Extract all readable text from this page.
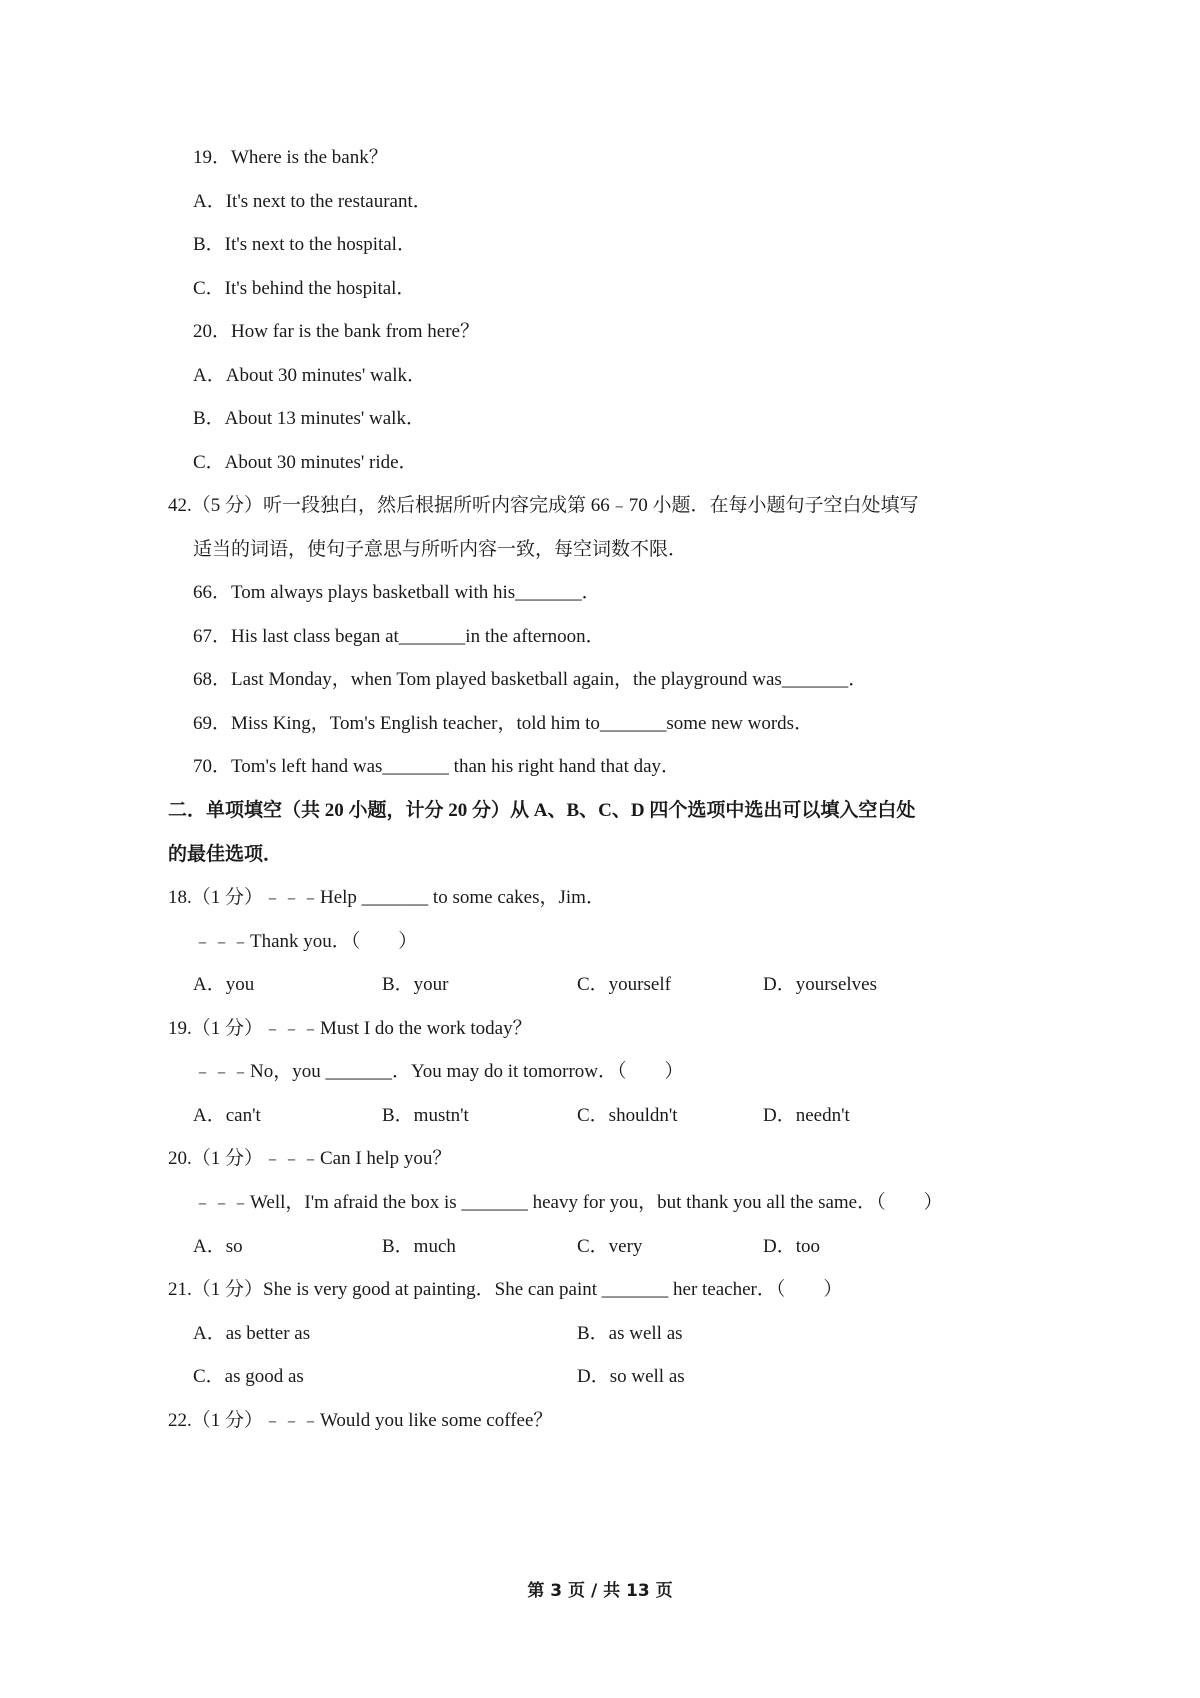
19．Where is the bank？
A．It's next to the restaurant．
B．It's next to the hospital．
C．It's behind the hospital．
20．How far is the bank from here？
A．About 30 minutes' walk．
B．About 13 minutes' walk．
C．About 30 minutes' ride．
42.（5 分）听一段独白，然后根据所听内容完成第 66﹣70 小题．在每小题句子空白处填写
适当的词语，使句子意思与所听内容一致，每空词数不限．
66．Tom always plays basketball with his_______．
67．His last class began at_______in the afternoon．
68．Last Monday，when Tom played basketball again，the playground was_______．
69．Miss King，Tom's English teacher，told him to_______some new words．
70．Tom's left hand was_______ than his right hand that day．
二．单项填空（共 20 小题，计分 20 分）从 A、B、C、D 四个选项中选出可以填入空白处
的最佳选项．
18.（1 分）﹣﹣﹣Help _______ to some cakes，Jim．
﹣﹣﹣Thank you．（　　）
A．you	B．your	C．yourself	D．yourselves
19.（1 分）﹣﹣﹣Must I do the work today？
﹣﹣﹣No，you _______．You may do it tomorrow．（　　）
A．can't	B．mustn't	C．shouldn't	D．needn't
20.（1 分）﹣﹣﹣Can I help you？
﹣﹣﹣Well，I'm afraid the box is _______ heavy for you，but thank you all the same．（　　）
A．so	B．much	C．very	D．too
21.（1 分）She is very good at painting．She can paint _______ her teacher．（　　）
A．as better as	B．as well as
C．as good as	D．so well as
22.（1 分）﹣﹣﹣Would you like some coffee？
第 3 页 / 共 13 页
